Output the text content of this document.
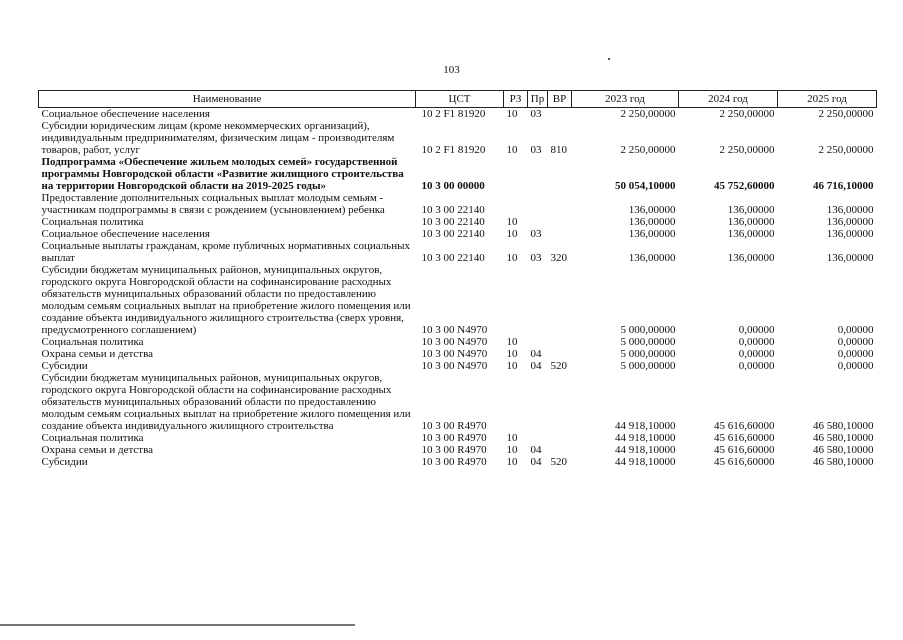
103
Наименование	ЦСТ	РЗ	Пр	ВР	2023 год	2024 год	2025 год
Социальное обеспечение населения	10 2 F1 81920	10	03		2 250,00000	2 250,00000	2 250,00000
Субсидии юридическим лицам (кроме некоммерческих организаций), индивидуальным предпринимателям, физическим лицам - производителям товаров, работ, услуг	10 2 F1 81920	10	03	810	2 250,00000	2 250,00000	2 250,00000
Подпрограмма «Обеспечение жильем молодых семей» государственной программы Новгородской области «Развитие жилищного строительства на территории Новгородской области на 2019-2025 годы»	10 3 00 00000				50 054,10000	45 752,60000	46 716,10000
Предоставление дополнительных социальных выплат молодым семьям - участникам подпрограммы в связи с рождением (усыновлением) ребенка	10 3 00 22140				136,00000	136,00000	136,00000
Социальная политика	10 3 00 22140	10			136,00000	136,00000	136,00000
Социальное обеспечение населения	10 3 00 22140	10	03		136,00000	136,00000	136,00000
Социальные выплаты гражданам, кроме публичных нормативных социальных выплат	10 3 00 22140	10	03	320	136,00000	136,00000	136,00000
Субсидии бюджетам муниципальных районов, муниципальных округов, городского округа Новгородской области на софинансирование расходных обязательств муниципальных образований области по предоставлению молодым семьям социальных выплат на приобретение жилого помещения или создание объекта индивидуального жилищного строительства (сверх уровня, предусмотренного соглашением)	10 3 00 N4970				5 000,00000	0,00000	0,00000
Социальная политика	10 3 00 N4970	10			5 000,00000	0,00000	0,00000
Охрана семьи и детства	10 3 00 N4970	10	04		5 000,00000	0,00000	0,00000
Субсидии	10 3 00 N4970	10	04	520	5 000,00000	0,00000	0,00000
Субсидии бюджетам муниципальных районов, муниципальных округов, городского округа Новгородской области на софинансирование расходных обязательств муниципальных образований области по предоставлению молодым семьям социальных выплат на приобретение жилого помещения или создание объекта индивидуального жилищного строительства	10 3 00 R4970				44 918,10000	45 616,60000	46 580,10000
Социальная политика	10 3 00 R4970	10			44 918,10000	45 616,60000	46 580,10000
Охрана семьи и детства	10 3 00 R4970	10	04		44 918,10000	45 616,60000	46 580,10000
Субсидии	10 3 00 R4970	10	04	520	44 918,10000	45 616,60000	46 580,10000
